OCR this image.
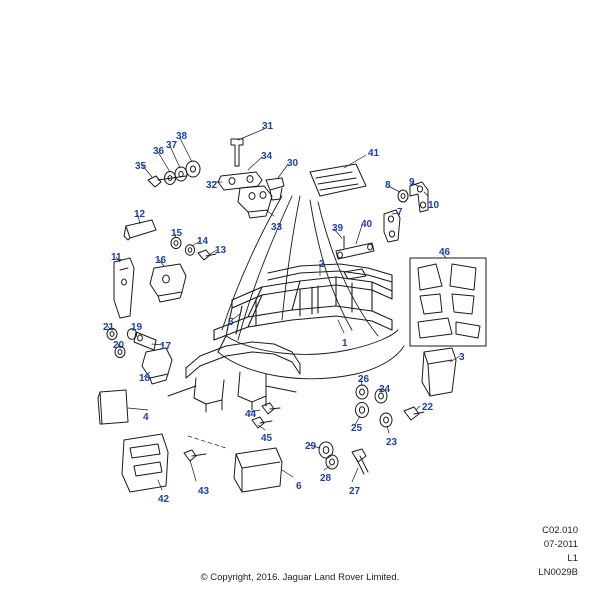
31
38
37
36	34
35	30
41
32	8 9
33
7
10
12
39 40
15
14
13	46
11	16	2
5
21 19
20	17	1
3
18	26
24
22
4	44
25
23
45
29
28
27
6
43
42
C02.010
07-2011
L1
LN0029B
© Copyright, 2016. Jaguar Land Rover Limited.
